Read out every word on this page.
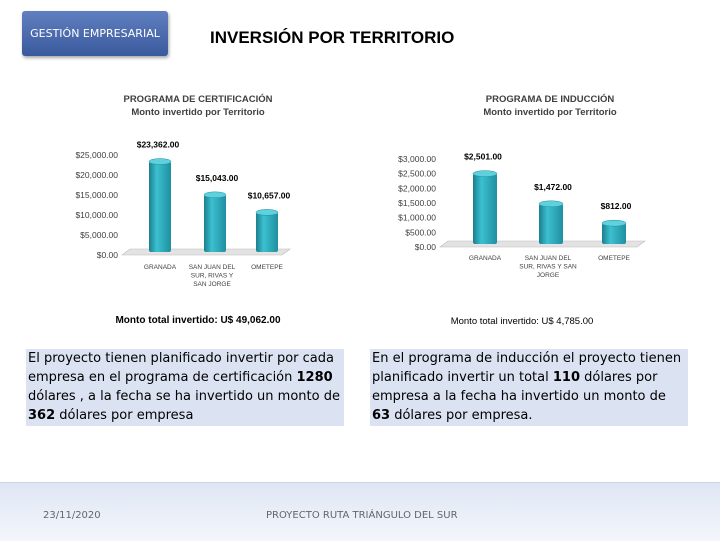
GESTIÓN EMPRESARIAL	INVERSIÓN POR TERRITORIO
PROGRAMA DE CERTIFICACIÓN
Monto invertido por Territorio
$0.00
$5,000.00
$10,000.00
$15,000.00
$20,000.00
$25,000.00
$23,362.00
$15,043.00
$10,657.00
GRANADA SAN JUAN DEL
SUR, RIVAS Y
SAN JORGE
OMETEPE
Monto total invertido: U$ 49,062.00
PROGRAMA DE INDUCCIÓN
Monto invertido por Territorio
$0.00
$500.00
$1,000.00
$1,500.00
$2,000.00
$2,500.00
$3,000.00	$2,501.00
$1,472.00
$812.00
GRANADA	SAN JUAN DEL
SUR, RIVAS Y SAN
JORGE
OMETEPE
Monto total invertido: U$ 4,785.00
El proyecto tienen planificado invertir por cada empresa en el programa de certificación 1280 dólares , a la fecha se ha invertido un monto de 362 dólares por empresa
En el programa de inducción el proyecto tienen planificado invertir un total 110 dólares por empresa a la fecha ha invertido un monto de 63 dólares por empresa.
23/11/2020	PROYECTO RUTA TRIÁNGULO DEL SUR
